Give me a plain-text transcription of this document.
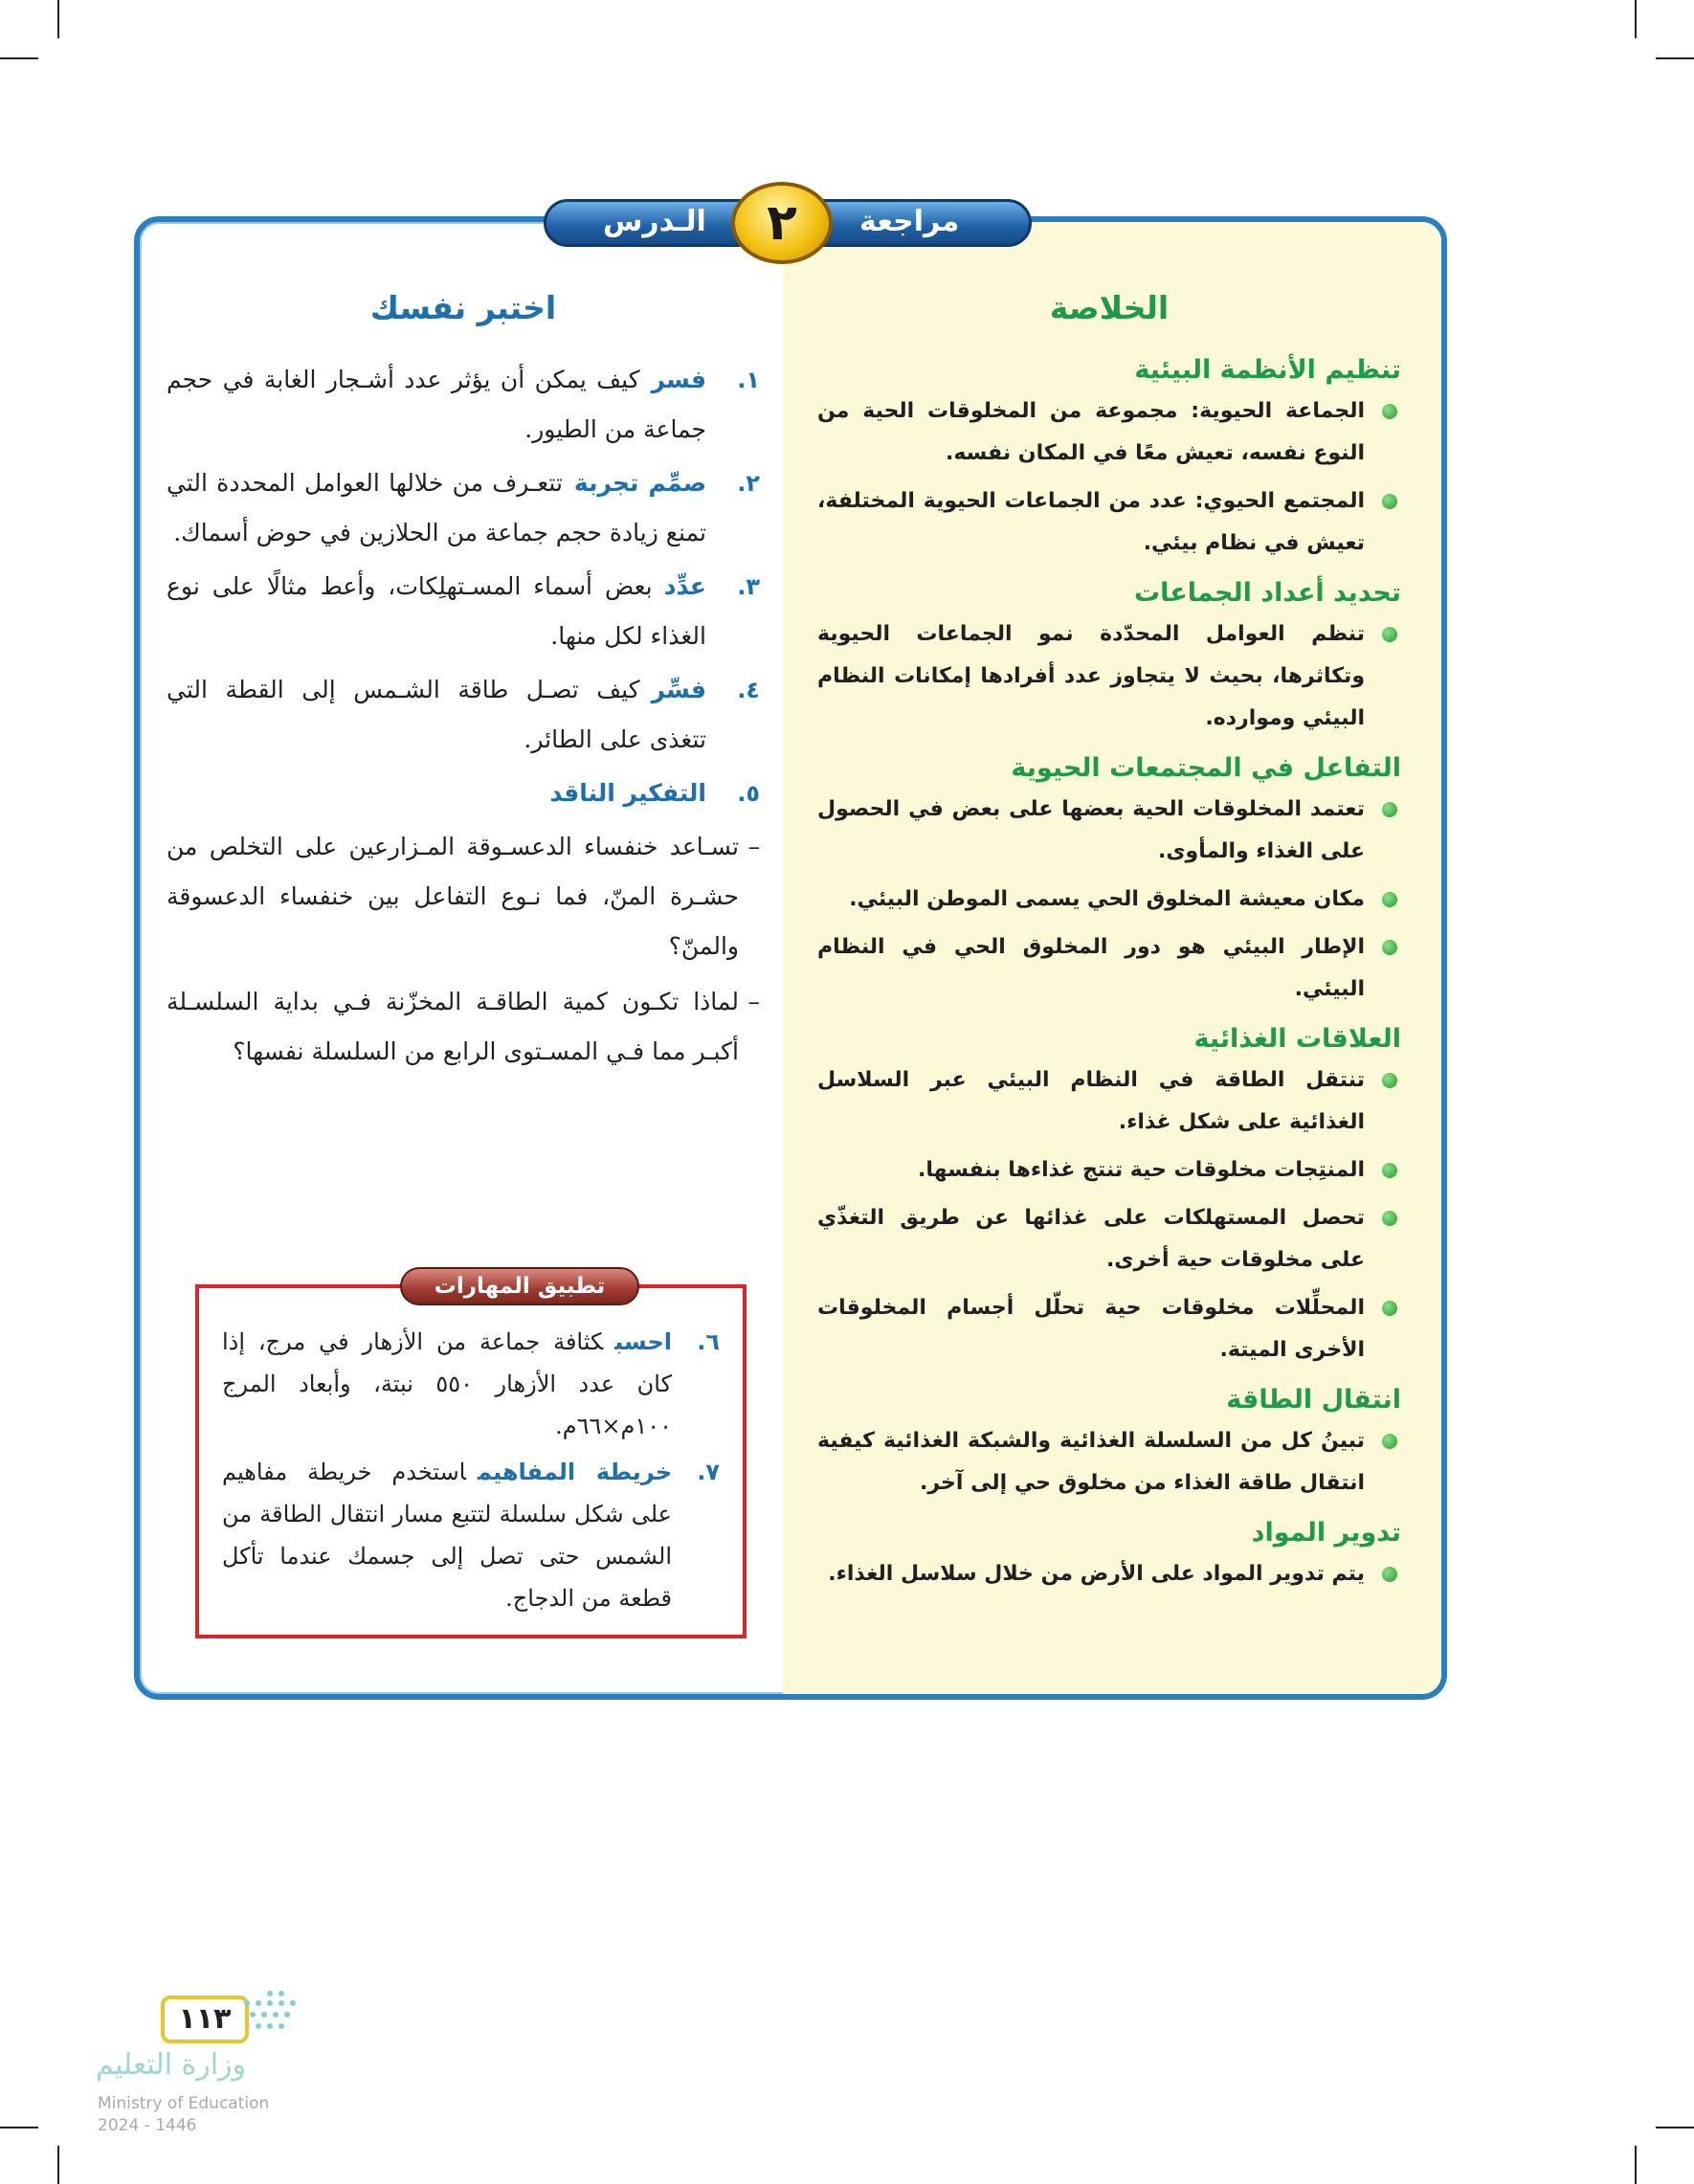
الخلاصة
تنظيم الأنظمة البيئية
الجماعة الحيوية: مجموعة من المخلوقات الحية من النوع نفسه، تعيش معًا في المكان نفسه.
المجتمع الحيوي: عدد من الجماعات الحيوية المختلفة، تعيش في نظام بيئي.
تحديد أعداد الجماعات
تنظم العوامل المحدّدة نمو الجماعات الحيوية وتكاثرها، بحيث لا يتجاوز عدد أفرادها إمكانات النظام البيئي وموارده.
التفاعل في المجتمعات الحيوية
تعتمد المخلوقات الحية بعضها على بعض في الحصول على الغذاء والمأوى.
مكان معيشة المخلوق الحي يسمى الموطن البيئي.
الإطار البيئي هو دور المخلوق الحي في النظام البيئي.
العلاقات الغذائية
تنتقل الطاقة في النظام البيئي عبر السلاسل الغذائية على شكل غذاء.
المنتِجات مخلوقات حية تنتج غذاءها بنفسها.
تحصل المستهلكات على غذائها عن طريق التغذّي على مخلوقات حية أخرى.
المحلِّلات مخلوقات حية تحلّل أجسام المخلوقات الأخرى الميتة.
انتقال الطاقة
تبينُ كل من السلسلة الغذائية والشبكة الغذائية كيفية انتقال طاقة الغذاء من مخلوق حي إلى آخر.
تدوير المواد
يتم تدوير المواد على الأرض من خلال سلاسل الغذاء.
اختبر نفسك
١.
فسركيف يمكن أن يؤثر عدد أشـجار الغابة في حجم جماعة من الطيور.
٢.
صمِّم تجربةتتعـرف من خلالها العوامل المحددة التي تمنع زيادة حجم جماعة من الحلازين في حوض أسماك.
٣.
عدِّدبعض أسماء المسـتهلِكات، وأعط مثالًا على نوع الغذاء لكل منها.
٤.
فسِّركيف تصـل طاقة الشـمس إلى القطة التي تتغذى على الطائر.
٥.
التفكير الناقد
–
تسـاعد خنفساء الدعسـوقة المـزارعين على التخلص من حشـرة المنّ، فما نـوع التفاعل بين خنفساء الدعسوقة والمنّ؟
–
لماذا تكـون كمية الطاقـة المخزّنة فـي بداية السلسـلة أكبـر مما فـي المسـتوى الرابع من السلسلة نفسها؟
تطبيق المهارات
٦.
احسبكثافة جماعة من الأزهار في مرج، إذا كان عدد الأزهار ٥٥٠ نبتة، وأبعاد المرج ١٠٠م×٦٦م.
٧.
خريطة المفاهيماستخدم خريطة مفاهيم على شكل سلسلة لتتبع مسار انتقال الطاقة من الشمس حتى تصل إلى جسمك عندما تأكل قطعة من الدجاج.
مراجعة
الـدرس	٢
١١٣
وزارة التعليم
Ministry of Education
2024 - 1446
